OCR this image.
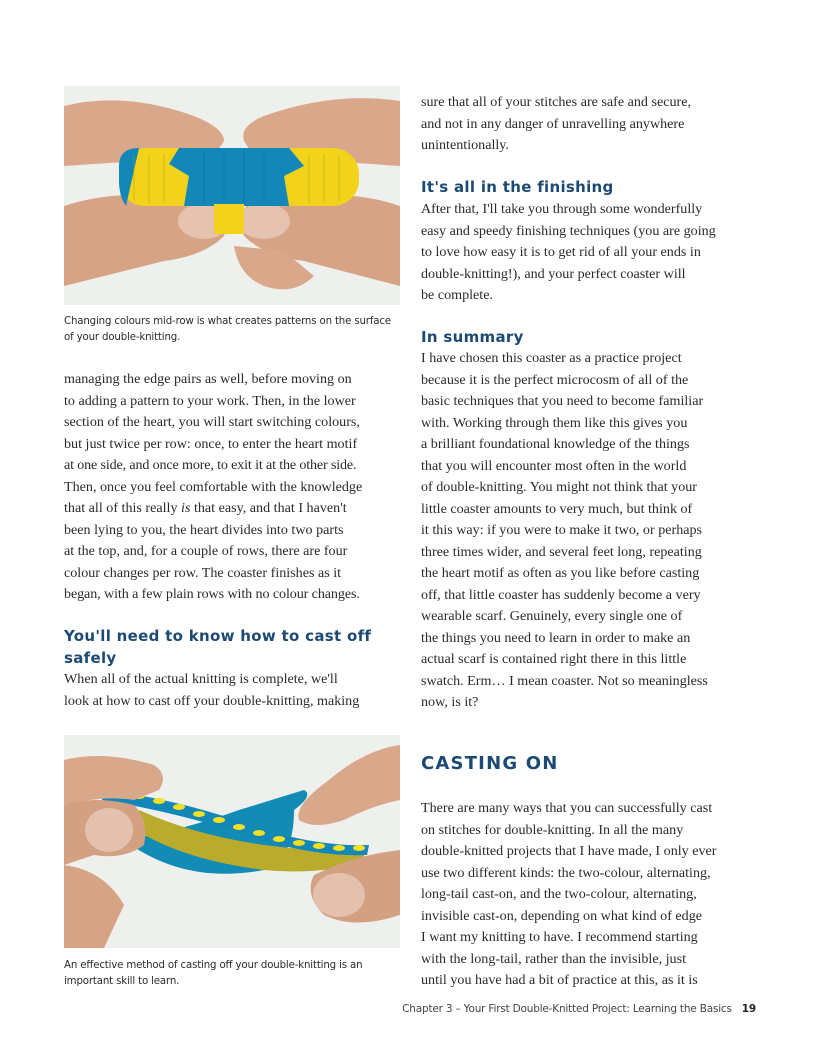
Changing colours mid-row is what creates patterns on the surface
of your double-knitting.
managing the edge pairs as well, before moving on
to adding a pattern to your work. Then, in the lower
section of the heart, you will start switching colours,
but just twice per row: once, to enter the heart motif
at one side, and once more, to exit it at the other side.
Then, once you feel comfortable with the knowledge
that all of this really is that easy, and that I haven't
been lying to you, the heart divides into two parts
at the top, and, for a couple of rows, there are four
colour changes per row. The coaster finishes as it
began, with a few plain rows with no colour changes.
You'll need to know how to cast off
safely
When all of the actual knitting is complete, we'll
look at how to cast off your double-knitting, making
An effective method of casting off your double-knitting is an
important skill to learn.
sure that all of your stitches are safe and secure,
and not in any danger of unravelling anywhere
unintentionally.
It's all in the finishing
After that, I'll take you through some wonderfully
easy and speedy finishing techniques (you are going
to love how easy it is to get rid of all your ends in
double-knitting!), and your perfect coaster will
be complete.
In summary
I have chosen this coaster as a practice project
because it is the perfect microcosm of all of the
basic techniques that you need to become familiar
with. Working through them like this gives you
a brilliant foundational knowledge of the things
that you will encounter most often in the world
of double-knitting. You might not think that your
little coaster amounts to very much, but think of
it this way: if you were to make it two, or perhaps
three times wider, and several feet long, repeating
the heart motif as often as you like before casting
off, that little coaster has suddenly become a very
wearable scarf. Genuinely, every single one of
the things you need to learn in order to make an
actual scarf is contained right there in this little
swatch. Erm… I mean coaster. Not so meaningless
now, is it?
CASTING ON
There are many ways that you can successfully cast
on stitches for double-knitting. In all the many
double-knitted projects that I have made, I only ever
use two different kinds: the two-colour, alternating,
long-tail cast-on, and the two-colour, alternating,
invisible cast-on, depending on what kind of edge
I want my knitting to have. I recommend starting
with the long-tail, rather than the invisible, just
until you have had a bit of practice at this, as it is
Chapter 3 – Your First Double-Knitted Project: Learning the Basics 19
